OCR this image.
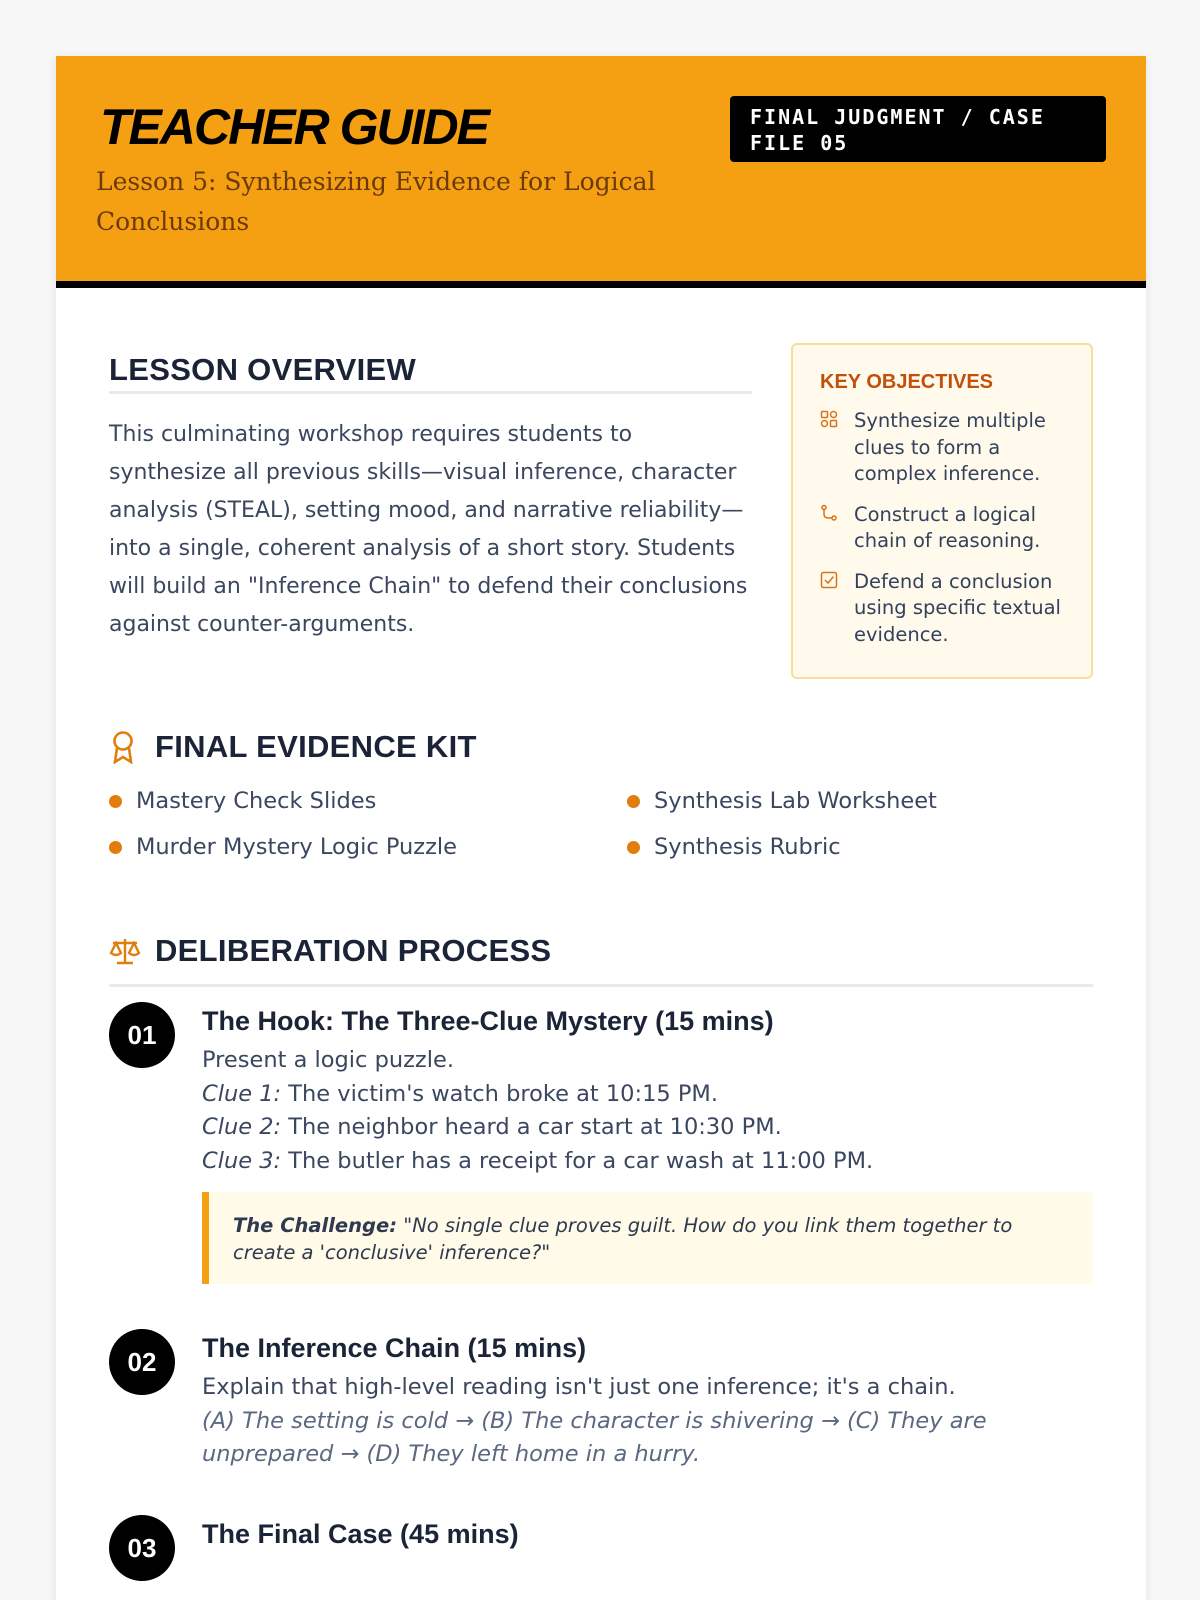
TEACHER GUIDE
Lesson 5: Synthesizing Evidence for Logical Conclusions
FINAL JUDGMENT / CASE FILE 05
LESSON OVERVIEW
This culminating workshop requires students to synthesize all previous skills—visual inference, character analysis (STEAL), setting mood, and narrative reliability—into a single, coherent analysis of a short story. Students will build an "Inference Chain" to defend their conclusions against counter-arguments.
KEY OBJECTIVES
Synthesize multiple clues to form a complex inference.
Construct a logical chain of reasoning.
Defend a conclusion using specific textual evidence.
FINAL EVIDENCE KIT
Mastery Check Slides	Synthesis Lab Worksheet
Murder Mystery Logic Puzzle	Synthesis Rubric
DELIBERATION PROCESS
01	The Hook: The Three-Clue Mystery (15 mins)
Present a logic puzzle.
Clue 1: The victim's watch broke at 10:15 PM.
Clue 2: The neighbor heard a car start at 10:30 PM.
Clue 3: The butler has a receipt for a car wash at 11:00 PM.
The Challenge: "No single clue proves guilt. How do you link them together to create a 'conclusive' inference?"
02	The Inference Chain (15 mins)
Explain that high-level reading isn't just one inference; it's a chain.
(A) The setting is cold → (B) The character is shivering → (C) They are unprepared → (D) They left home in a hurry.
03	The Final Case (45 mins)
